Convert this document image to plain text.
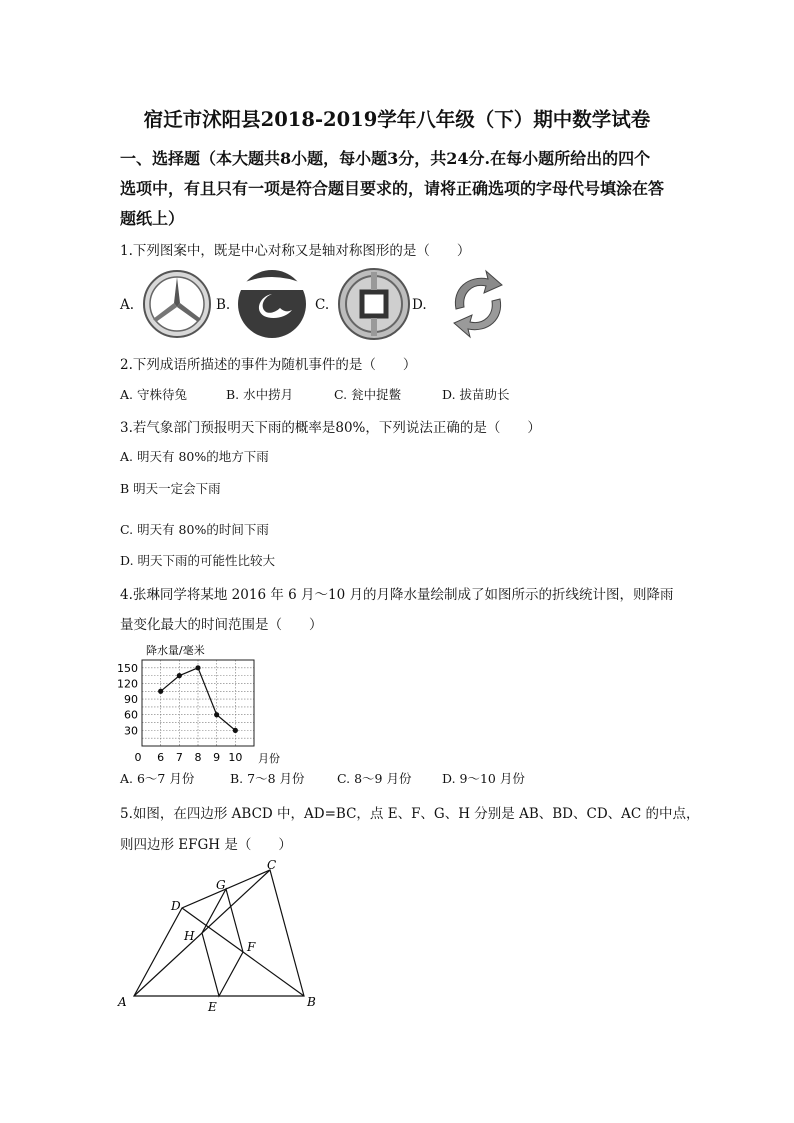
宿迁市沭阳县2018-2019学年八年级（下）期中数学试卷
一、选择题（本大题共8小题，每小题3分，共24分.在每小题所给出的四个
选项中，有且只有一项是符合题目要求的，请将正确选项的字母代号填涂在答
题纸上）
1.下列图案中，既是中心对称又是轴对称图形的是（　　）
A.	B.	C.	D.
2.下列成语所描述的事件为随机事件的是（　　）
A. 守株待兔	B. 水中捞月	C. 瓮中捉鳖	D. 拔苗助长
3.若气象部门预报明天下雨的概率是80%，下列说法正确的是（　　）
A. 明天有 80%的地方下雨
B 明天一定会下雨
C. 明天有 80%的时间下雨
D. 明天下雨的可能性比较大
4.张琳同学将某地 2016 年 6 月～10 月的月降水量绘制成了如图所示的折线统计图，则降雨
量变化最大的时间范围是（　　）
30
60
90
120
150
6 7 8 9 10
0
降水量/毫米
月份
A. 6～7 月份	B. 7～8 月份	C. 8～9 月份 D. 9～10 月份
5.如图，在四边形 ABCD 中，AD=BC，点 E、F、G、H 分别是 AB、BD、CD、AC 的中点，
则四边形 EFGH 是（　　）
A	B
C
D
E
F
G
H
